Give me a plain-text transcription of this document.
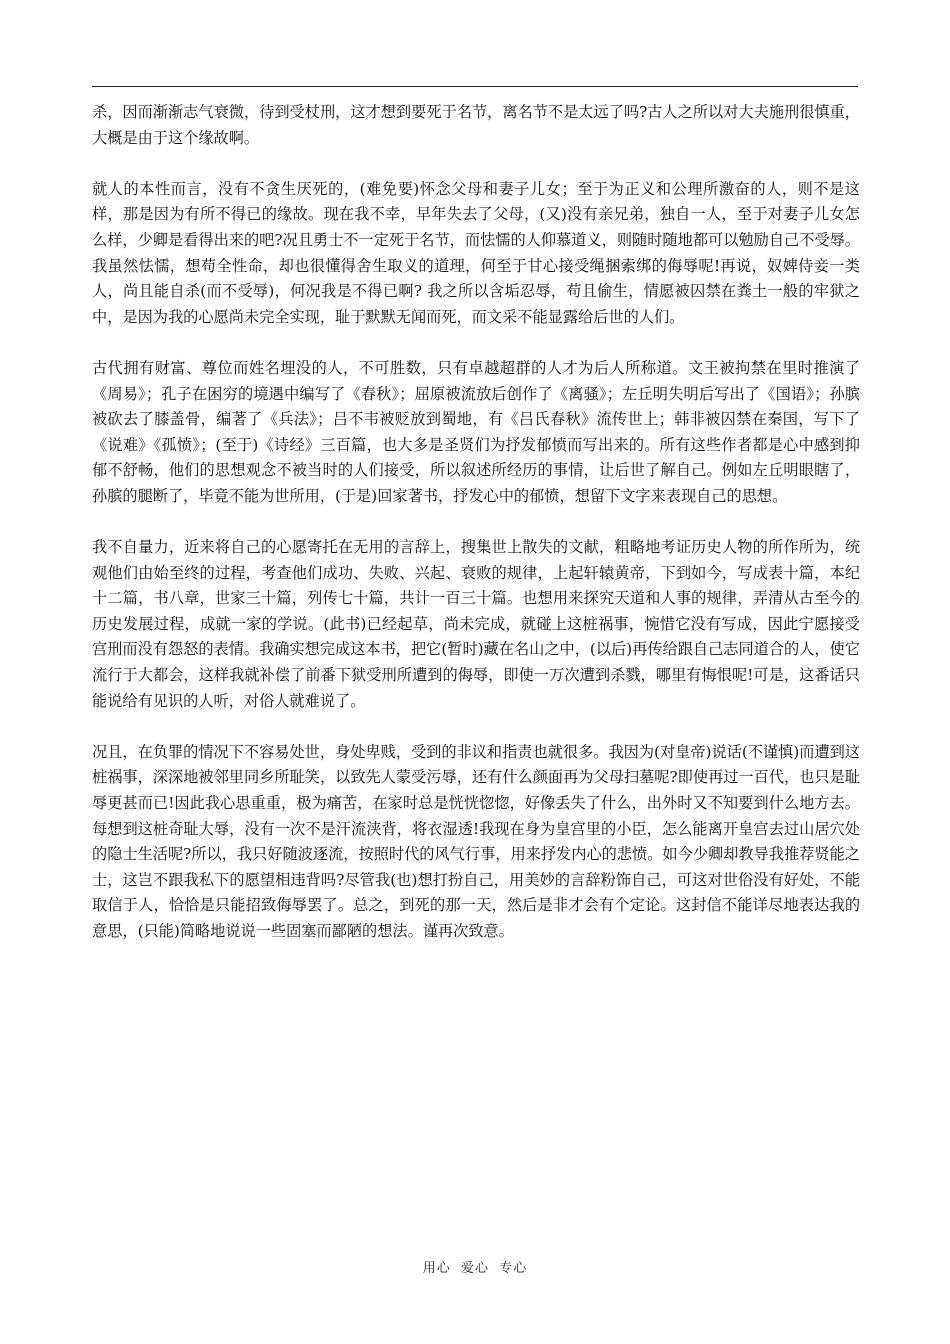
杀，因而渐渐志气衰微，待到受杖刑，这才想到要死于名节，离名节不是太远了吗?古人之所以对大夫施刑很慎重，大概是由于这个缘故啊。

就人的本性而言，没有不贪生厌死的，(难免要)怀念父母和妻子儿女；至于为正义和公理所激奋的人，则不是这样，那是因为有所不得已的缘故。现在我不幸，早年失去了父母，(又)没有亲兄弟，独自一人，至于对妻子儿女怎么样，少卿是看得出来的吧?况且勇士不一定死于名节，而怯懦的人仰慕道义，则随时随地都可以勉励自己不受辱。我虽然怯懦，想苟全性命，却也很懂得舍生取义的道理，何至于甘心接受绳捆索绑的侮辱呢!再说，奴婢侍妾一类人，尚且能自杀(而不受辱)，何况我是不得已啊? 我之所以含垢忍辱，苟且偷生，情愿被囚禁在粪土一般的牢狱之中，是因为我的心愿尚未完全实现，耻于默默无闻而死，而文采不能显露给后世的人们。

古代拥有财富、尊位而姓名埋没的人，不可胜数，只有卓越超群的人才为后人所称道。文王被拘禁在里时推演了《周易》；孔子在困穷的境遇中编写了《春秋》；屈原被流放后创作了《离骚》；左丘明失明后写出了《国语》；孙膑被砍去了膝盖骨，编著了《兵法》；吕不韦被贬放到蜀地，有《吕氏春秋》流传世上；韩非被囚禁在秦国，写下了《说难》《孤愤》；(至于)《诗经》三百篇，也大多是圣贤们为抒发郁愤而写出来的。所有这些作者都是心中感到抑郁不舒畅，他们的思想观念不被当时的人们接受，所以叙述所经历的事情，让后世了解自己。例如左丘明眼瞎了，孙膑的腿断了，毕竟不能为世所用，(于是)回家著书，抒发心中的郁愤，想留下文字来表现自己的思想。

我不自量力，近来将自己的心愿寄托在无用的言辞上，搜集世上散失的文献，粗略地考证历史人物的所作所为，统观他们由始至终的过程，考查他们成功、失败、兴起、衰败的规律，上起轩辕黄帝，下到如今，写成表十篇，本纪十二篇，书八章，世家三十篇，列传七十篇，共计一百三十篇。也想用来探究天道和人事的规律，弄清从古至今的历史发展过程，成就一家的学说。(此书)已经起草，尚未完成，就碰上这桩祸事，惋惜它没有写成，因此宁愿接受宫刑而没有怨怒的表情。我确实想完成这本书，把它(暂时)藏在名山之中，(以后)再传给跟自己志同道合的人，使它流行于大都会，这样我就补偿了前番下狱受刑所遭到的侮辱，即使一万次遭到杀戮，哪里有悔恨呢!可是，这番话只能说给有见识的人听，对俗人就难说了。

况且，在负罪的情况下不容易处世，身处卑贱，受到的非议和指责也就很多。我因为(对皇帝)说话(不谨慎)而遭到这桩祸事，深深地被邻里同乡所耻笑，以致先人蒙受污辱，还有什么颜面再为父母扫墓呢?即使再过一百代，也只是耻辱更甚而已!因此我心思重重，极为痛苦，在家时总是恍恍惚惚，好像丢失了什么，出外时又不知要到什么地方去。每想到这桩奇耻大辱，没有一次不是汗流浃背，将衣湿透!我现在身为皇宫里的小臣，怎么能离开皇宫去过山居穴处的隐士生活呢?所以，我只好随波逐流，按照时代的风气行事，用来抒发内心的悲愤。如今少卿却教导我推荐贤能之士，这岂不跟我私下的愿望相违背吗?尽管我(也)想打扮自己，用美妙的言辞粉饰自己，可这对世俗没有好处，不能取信于人，恰恰是只能招致侮辱罢了。总之，到死的那一天，然后是非才会有个定论。这封信不能详尽地表达我的意思，(只能)简略地说说一些固塞而鄙陋的想法。谨再次致意。

用心  爱心  专心
